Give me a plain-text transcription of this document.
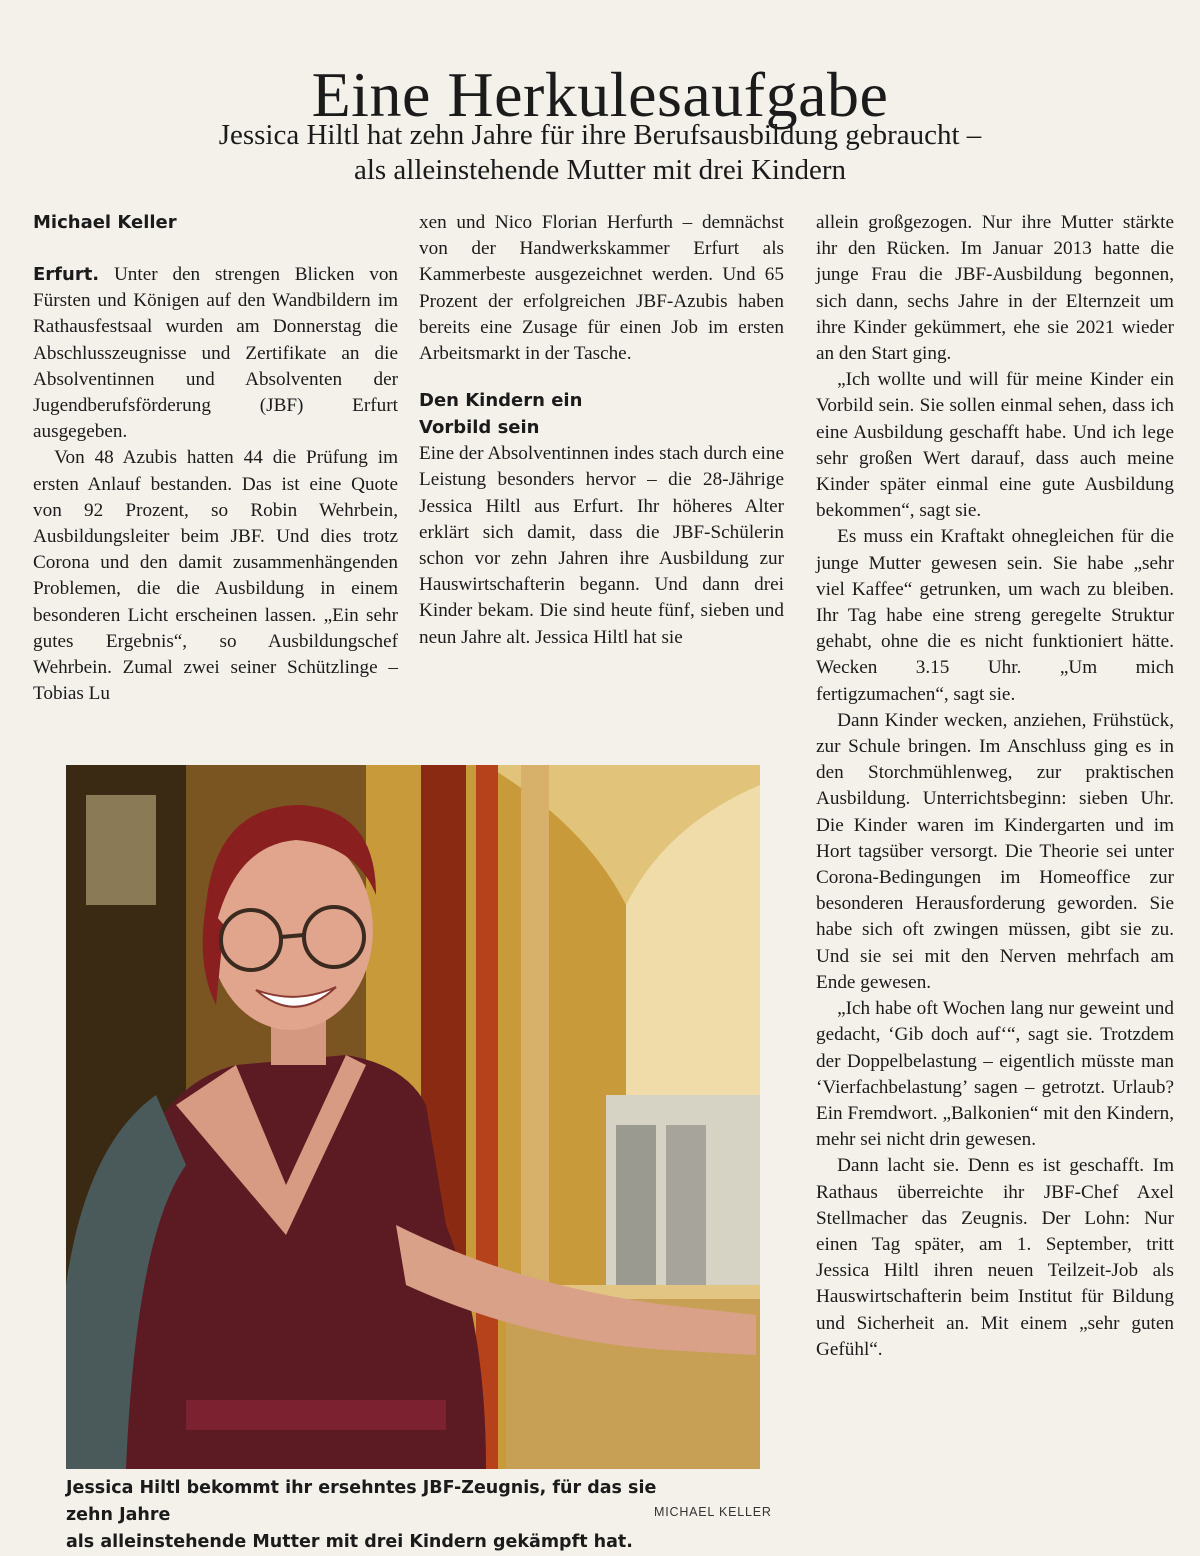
Eine Herkulesaufgabe
Jessica Hiltl hat zehn Jahre für ihre Berufsausbildung gebraucht –
als alleinstehende Mutter mit drei Kindern
Michael Keller

Erfurt. Unter den strengen Blicken von Fürsten und Königen auf den Wandbildern im Rathausfestsaal wurden am Donnerstag die Abschlusszeugnisse und Zertifikate an die Absolventinnen und Absolventen der Jugendberufsförderung (JBF) Erfurt ausgegeben.

Von 48 Azubis hatten 44 die Prüfung im ersten Anlauf bestanden. Das ist eine Quote von 92 Prozent, so Robin Wehrbein, Ausbildungsleiter beim JBF. Und dies trotz Corona und den damit zusammenhängenden Problemen, die die Ausbildung in einem besonderen Licht erscheinen lassen. „Ein sehr gutes Ergebnis“, so Ausbildungschef Wehrbein. Zumal zwei seiner Schützlinge – Tobias Lu

xen und Nico Florian Herfurth – demnächst von der Handwerkskammer Erfurt als Kammerbeste ausgezeichnet werden. Und 65 Prozent der erfolgreichen JBF-Azubis haben bereits eine Zusage für einen Job im ersten Arbeitsmarkt in der Tasche.

Den Kindern ein
Vorbild sein

Eine der Absolventinnen indes stach durch eine Leistung besonders hervor – die 28-Jährige Jessica Hiltl aus Erfurt. Ihr höheres Alter erklärt sich damit, dass die JBF-Schülerin schon vor zehn Jahren ihre Ausbildung zur Hauswirtschafterin begann. Und dann drei Kinder bekam. Die sind heute fünf, sieben und neun Jahre alt. Jessica Hiltl hat sie

allein großgezogen. Nur ihre Mutter stärkte ihr den Rücken. Im Januar 2013 hatte die junge Frau die JBF-Ausbildung begonnen, sich dann, sechs Jahre in der Elternzeit um ihre Kinder gekümmert, ehe sie 2021 wieder an den Start ging.

„Ich wollte und will für meine Kinder ein Vorbild sein. Sie sollen einmal sehen, dass ich eine Ausbildung geschafft habe. Und ich lege sehr großen Wert darauf, dass auch meine Kinder später einmal eine gute Ausbildung bekommen“, sagt sie.

Es muss ein Kraftakt ohnegleichen für die junge Mutter gewesen sein. Sie habe „sehr viel Kaffee“ getrunken, um wach zu bleiben. Ihr Tag habe eine streng geregelte Struktur gehabt, ohne die es nicht funktioniert hätte. Wecken 3.15 Uhr. „Um mich fertigzumachen“, sagt sie.

Dann Kinder wecken, anziehen, Frühstück, zur Schule bringen. Im Anschluss ging es in den Storchmühlenweg, zur praktischen Ausbildung. Unterrichtsbeginn: sieben Uhr. Die Kinder waren im Kindergarten und im Hort tagsüber versorgt. Die Theorie sei unter Corona-Bedingungen im Homeoffice zur besonderen Herausforderung geworden. Sie habe sich oft zwingen müssen, gibt sie zu. Und sie sei mit den Nerven mehrfach am Ende gewesen.

„Ich habe oft Wochen lang nur geweint und gedacht, ‘Gib doch auf‘“, sagt sie. Trotzdem der Doppelbelastung – eigentlich müsste man ‘Vierfachbelastung’ sagen – getrotzt. Urlaub? Ein Fremdwort. „Balkonien“ mit den Kindern, mehr sei nicht drin gewesen.

Dann lacht sie. Denn es ist geschafft. Im Rathaus überreichte ihr JBF-Chef Axel Stellmacher das Zeugnis. Der Lohn: Nur einen Tag später, am 1. September, tritt Jessica Hiltl ihren neuen Teilzeit-Job als Hauswirtschafterin beim Institut für Bildung und Sicherheit an. Mit einem „sehr guten Gefühl“.

Jessica Hiltl bekommt ihr ersehntes JBF-Zeugnis, für das sie zehn Jahre
als alleinstehende Mutter mit drei Kindern gekämpft hat.
MICHAEL KELLER
